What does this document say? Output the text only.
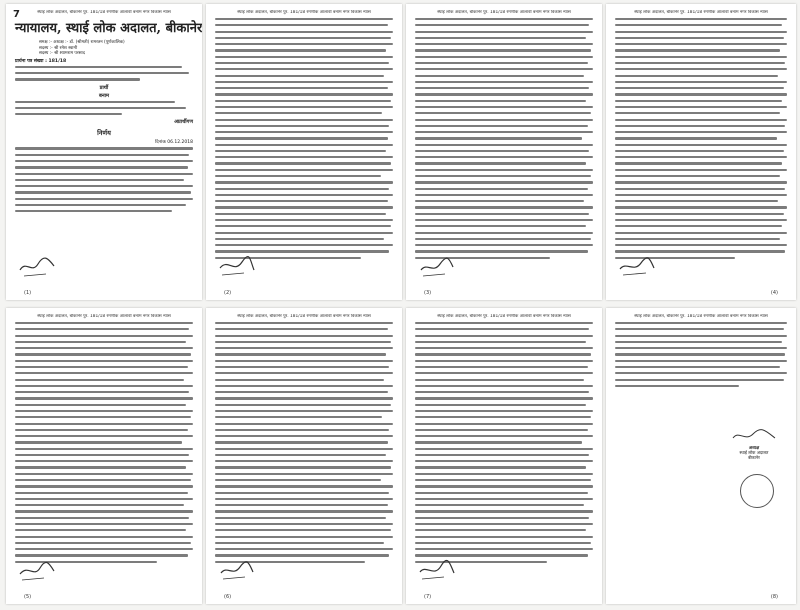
7	स्थाई लोक अदालत, बीकानेर पुर. 181/18 रमणीक आलावी बनाम नगर विकास न्यास
न्यायालय, स्थाई लोक अदालत, बीकानेर
समक्ष :- अध्यक्ष :- डॉ. (श्रीमती) रामरतन (पूर्णकालिक)
सदस्य :- श्री रमेश स्वामी
सदस्य :- श्री श्यामराम परसाद
प्रार्थना पत्र संख्या : 181/18
प्रार्थी
बनाम
अप्रार्थीगण
निर्णय
दिनांक 06.12.2018
(1)
स्थाई लोक अदालत, बीकानेर पुर. 181/18 रमणीक आलावी बनाम नगर विकास न्यास
(2)
स्थाई लोक अदालत, बीकानेर पुर. 181/18 रमणीक आलावी बनाम नगर विकास न्यास
(3)
स्थाई लोक अदालत, बीकानेर पुर. 181/18 रमणीक आलावी बनाम नगर विकास न्यास
(4)
स्थाई लोक अदालत, बीकानेर पुर. 181/18 रमणीक आलावी बनाम नगर विकास न्यास
(5)
स्थाई लोक अदालत, बीकानेर पुर. 181/18 रमणीक आलावी बनाम नगर विकास न्यास
(6)
स्थाई लोक अदालत, बीकानेर पुर. 181/18 रमणीक आलावी बनाम नगर विकास न्यास
(7)
स्थाई लोक अदालत, बीकानेर पुर. 181/18 रमणीक आलावी बनाम नगर विकास न्यास
अध्यक्ष
स्थाई लोक अदालत
बीकानेर
(8)
